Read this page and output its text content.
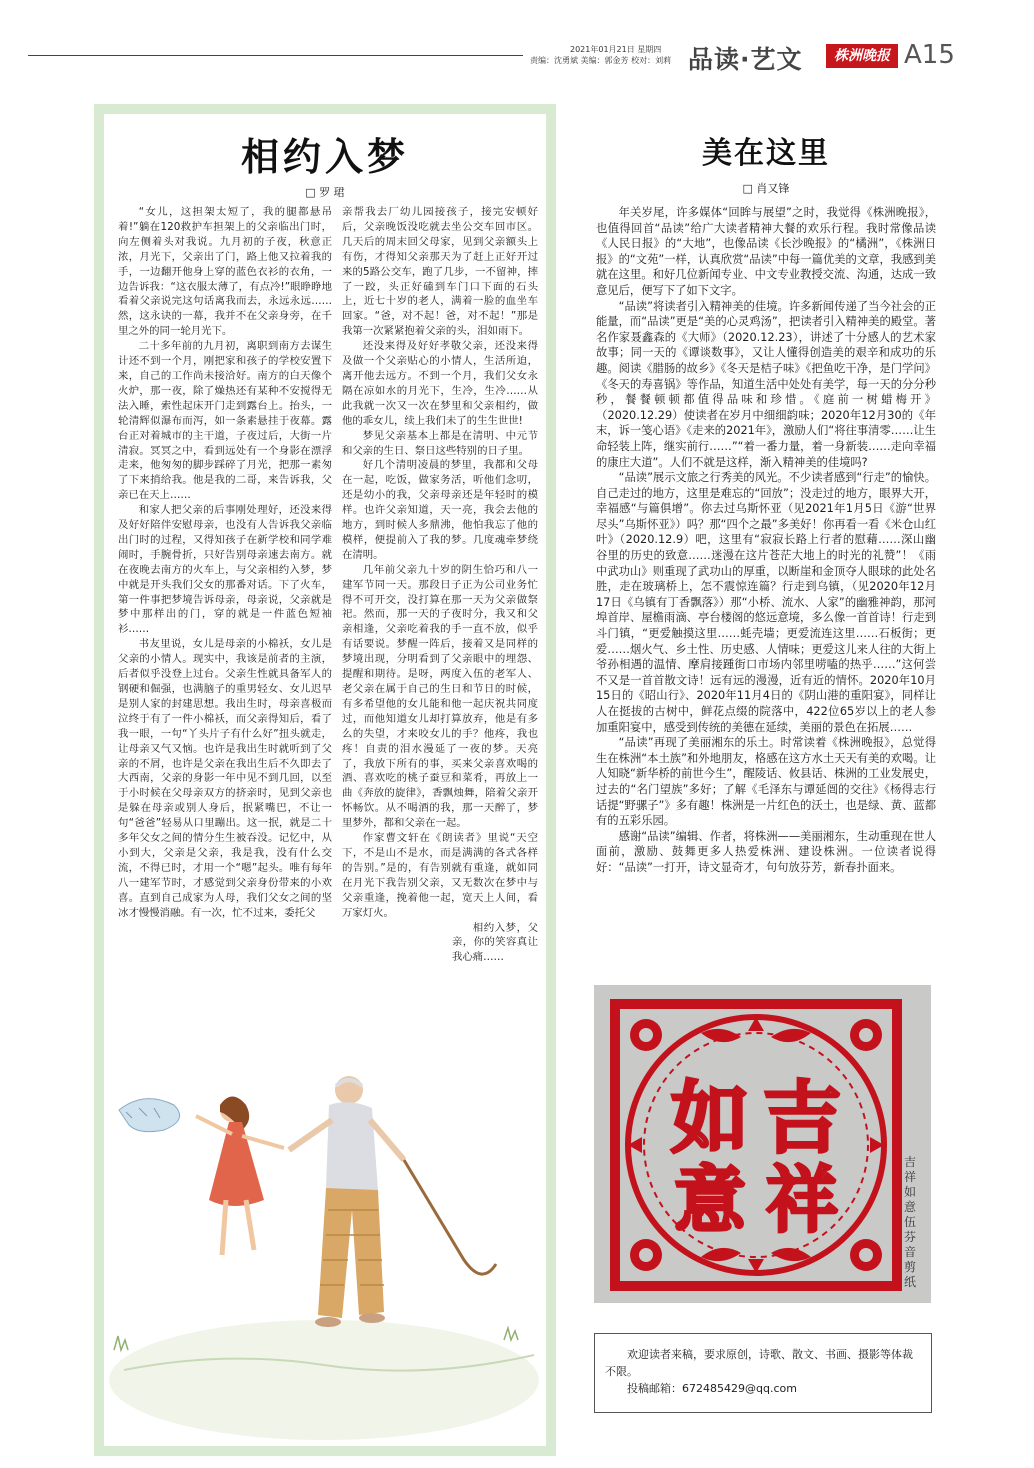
2021年01月21日 星期四
责编：沈勇斌 美编：郭金芳 校对：刘莉 品读·艺文	株洲晚报 A15
相约入梦
□ 罗 珺

“女儿，这担架太短了，我的腿都悬吊着!”躺在120救护车担架上的父亲临出门时，向左侧着头对我说。九月初的子夜，秋意正浓，月光下，父亲出了门，路上他又拉着我的手，一边翻开他身上穿的蓝色衣衫的衣角，一边告诉我：“这衣服太薄了，有点冷!”眼睁睁地看着父亲说完这句话离我而去，永远永远……然，这永诀的一幕，我并不在父亲身旁，在千里之外的同一轮月光下。

二十多年前的九月初，离职到南方去谋生计还不到一个月，刚把家和孩子的学校安置下来，自己的工作尚未接洽好。南方的白天像个火炉，那一夜，除了燥热还有某种不安搅得无法入睡，索性起床开门走到露台上。抬头，一轮清辉似瀑布而泻，如一条素悬挂于夜幕。露台正对着城市的主干道，子夜过后，大街一片清寂。冥冥之中，看到远处有一个身影在漂浮走来，他匆匆的脚步踩碎了月光，把那一素匆了下来捎给我。他是我的二哥，来告诉我，父亲已在天上……

和家人把父亲的后事刚处理好，还没来得及好好陪伴安慰母亲，也没有人告诉我父亲临出门时的过程，又得知孩子在新学校和同学难闹时，手腕骨折，只好告别母亲速去南方。就在夜晚去南方的火车上，与父亲相约入梦，梦中就是开头我们父女的那番对话。下了火车，第一件事把梦境告诉母亲，母亲说，父亲就是梦中那样出的门，穿的就是一件蓝色短袖衫……

书友里说，女儿是母亲的小棉袄，女儿是父亲的小情人。现实中，我该是前者的主演，后者似乎没登上过台。父亲生性就具备军人的钢硬和倔强，也满脑子的重男轻女、女儿迟早是别人家的封建思想。我出生时，母亲喜极而泣终于有了一件小棉袄，而父亲得知后，看了我一眼，一句“丫头片子有什么好”扭头就走，让母亲又气又恼。也许是我出生时就听到了父亲的不屑，也许是父亲在我出生后不久即去了大西南，父亲的身影一年中见不到几回，以至于小时候在父母亲双方的挤亲时，见到父亲也是躲在母亲或别人身后，抿紧嘴巴，不让一句“爸爸”轻易从口里蹦出。这一抿，就是二十多年父女之间的情分生生被吞没。记忆中，从小到大，父亲是父亲，我是我，没有什么交流，不得已时，才用一个“嗯”起头。唯有每年八一建军节时，才感觉到父亲身份带来的小欢喜。直到自己成家为人母，我们父女之间的坚冰才慢慢消融。有一次，忙不过来，委托父

亲帮我去厂幼儿园接孩子，接完安顿好后，父亲晚饭没吃就去坐公交车回市区。几天后的周末回父母家，见到父亲额头上有伤，才得知父亲那天为了赶上正好开过来的5路公交车，跑了几步，一不留神，摔了一跤，头正好磕到车门口下面的石头上，近七十岁的老人，满着一脸的血坐车回家。“爸，对不起！爸，对不起！”那是我第一次紧紧抱着父亲的头，泪如雨下。

还没来得及好好孝敬父亲，还没来得及做一个父亲贴心的小情人，生活所迫，离开他去远方。不到一个月，我们父女永隔在凉如水的月光下，生冷，生冷……从此我就一次又一次在梦里和父亲相约，做他的乖女儿，续上我们未了的生生世世!

梦见父亲基本上都是在清明、中元节和父亲的生日、祭日这些特别的日子里。

好几个清明凌晨的梦里，我都和父母在一起，吃饭，做家务活，听他们念叨，还是幼小的我，父亲母亲还是年轻时的模样。也许父亲知道，天一亮，我会去他的地方，到时候人多鼎沸，他怕我忘了他的模样，便提前入了我的梦。几度魂牵梦绕在清明。

几年前父亲九十岁的阴生恰巧和八一建军节同一天。那段日子正为公司业务忙得不可开交，没打算在那一天为父亲做祭祀。然而，那一天的子夜时分，我又和父亲相逢，父亲吃着我的手一直不放，似乎有话要说。梦醒一阵后，接着又是同样的梦境出现，分明看到了父亲眼中的埋怨、提醒和期待。是呀，两度入伍的老军人、老父亲在属于自己的生日和节日的时候，有多希望他的女儿能和他一起庆祝共同度过，而他知道女儿却打算放弃，他是有多么的失望，才来咬女儿的手？他疼，我也疼！自责的泪水漫延了一夜的梦。天亮了，我放下所有的事，买来父亲喜欢喝的酒、喜欢吃的桃子蚕豆和菜肴，再放上一曲《奔放的旋律》，香飘烛舞，陪着父亲开怀畅饮。从不喝酒的我，那一天醉了，梦里梦外，都和父亲在一起。

作家曹文轩在《朗读者》里说“天空下，不是山不是水，而是满满的各式各样的告别。”是的，有告别就有重逢，就如同在月光下我告别父亲，又无数次在梦中与父亲重逢，挽着他一起，宽天上人间，看万家灯火。

相约入梦，父亲，你的笑容真让我心痛……

美在这里
□ 肖又锋

年关岁尾，许多媒体“回眸与展望”之时，我觉得《株洲晚报》，也值得回首“品读”给广大读者精神大餐的欢乐行程。我时常像品读《人民日报》的“大地”，也像品读《长沙晚报》的“橘洲”，《株洲日报》的“文苑”一样，认真欣赏“品读”中每一篇优美的文章，我感到美就在这里。和好几位新闻专业、中文专业教授交流、沟通，达成一致意见后，便写下了如下文字。

“品读”将读者引入精神美的佳境。许多新闻传递了当今社会的正能量，而“品读”更是“美的心灵鸡汤”，把读者引入精神美的殿堂。著名作家聂鑫森的《大师》（2020.12.23），讲述了十分感人的艺术家故事；同一天的《谭谈数事》，又让人懂得创造美的艰辛和成功的乐趣。阅读《腊肠的故乡》《冬天是桔子味》《把鱼吃干净，是门学问》《冬天的寿喜锅》等作品，知道生活中处处有美学，每一天的分分秒秒，餐餐顿顿都值得品味和珍惜。《庭前一树蜡梅开》（2020.12.29）使读者在岁月中细细韵味；2020年12月30的《年末，诉一笺心语》《走来的2021年》，激励人们“将往事清零……让生命轻装上阵，继实前行……”“着一番力量，着一身新装……走向幸福的康庄大道”。人们不就是这样，渐入精神美的佳境吗?

“品读”展示文旅之行秀美的风光。不少读者感到“行走”的愉快。自己走过的地方，这里是难忘的“回放”；没走过的地方，眼界大开，幸福感“与篇俱增”。你去过乌斯怀亚（见2021年1月5日《游“世界尽头”乌斯怀亚》）吗？那“四个之最”多美好！你再看一看《米仓山红叶》（2020.12.9）吧，这里有“寂寂长路上行者的慰藉……深山幽谷里的历史的致意……迷漫在这片苍茫大地上的时光的礼赞”！《雨中武功山》则重现了武功山的厚重，以断崖和金顶夺人眼球的此处名胜，走在玻璃桥上，怎不震惊连篇？行走到乌镇，（见2020年12月17日《乌镇有丁香飘落》）那“小桥、流水、人家”的幽雅神韵，那河埠首岸、屋檐雨滴、亭台楼阁的悠远意境，多么像一首首诗！行走到斗门镇，“更爱触摸这里……蚝壳墙；更爱流连这里……石板街；更爱……烟火气、乡土性、历史感、人情味；更爱这儿来人往的大街上爷孙相遇的温情、摩肩接踵街口市场内邻里唠嗑的热乎……”这何尝不又是一首首散文诗！远有远的漫漫，近有近的情怀。2020年10月15日的《昭山行》、2020年11月4日的《阴山港的重阳宴》，同样让人在挺拔的古树中，鲜花点缀的院落中，422位65岁以上的老人参加重阳宴中，感受到传统的美德在延续，美丽的景色在拓展……

“品读”再现了美丽湘东的乐土。时常读着《株洲晚报》，总觉得生在株洲“本土族”和外地朋友，格感在这方水土天天有美的欢喝。让人知晓“新华桥的前世今生”，醒陵话、攸县话、株洲的工业发展史，过去的“名门望族”多好；了解《毛泽东与谭延闿的交往》《杨得志行话提“野骡子”》多有趣！株洲是一片红色的沃土，也是绿、黄、蓝都有的五彩乐园。

感谢“品读”编辑、作者，将株洲——美丽湘东，生动重现在世人面前，激励、鼓舞更多人热爱株洲、建设株洲。一位读者说得好：“品读”一打开，诗文显奇才，句句放芬芳，新春扑面来。

如 吉
意 祥	吉祥如意 伍芬音剪纸

欢迎读者来稿，要求原创，诗歌、散文、书画、摄影等体裁不限。

投稿邮箱：672485429@qq.com
